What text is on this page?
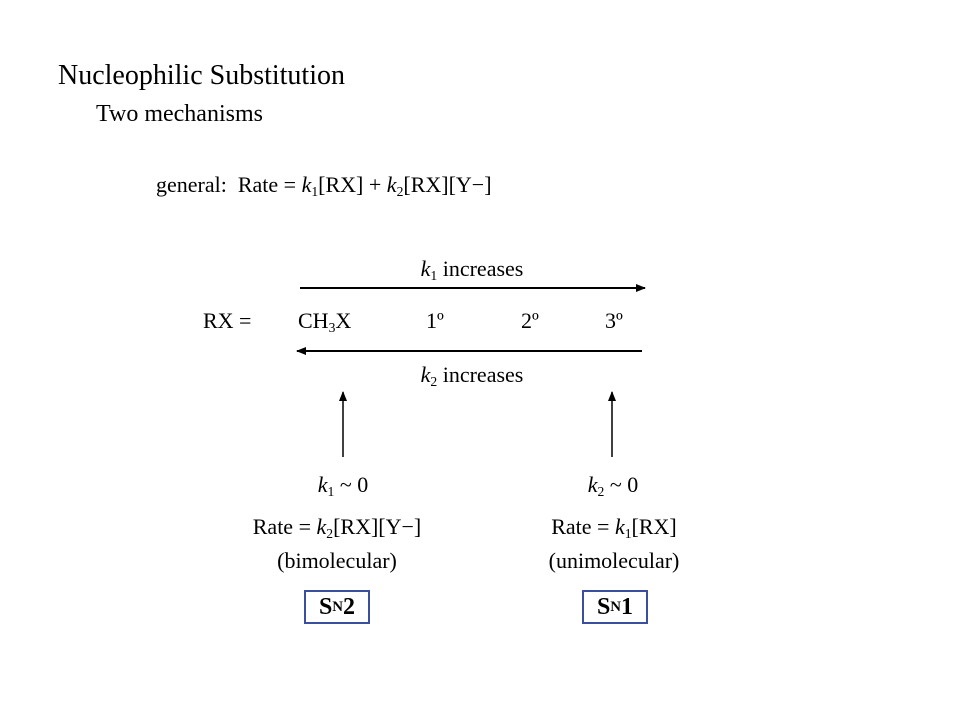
Nucleophilic Substitution
Two mechanisms
general: Rate = $k_1[RX] + k_2[RX][Y-]$
$k_1$ increases
RX = $CH_3X$	1º	2º	3º
$k_2$ increases
$k_1$ ~ 0
Rate = $k_2[RX][Y-]$
(bimolecular)
S N 2
$k_2$ ~ 0
Rate = $k_1[RX]$
(unimolecular)
S N 1
